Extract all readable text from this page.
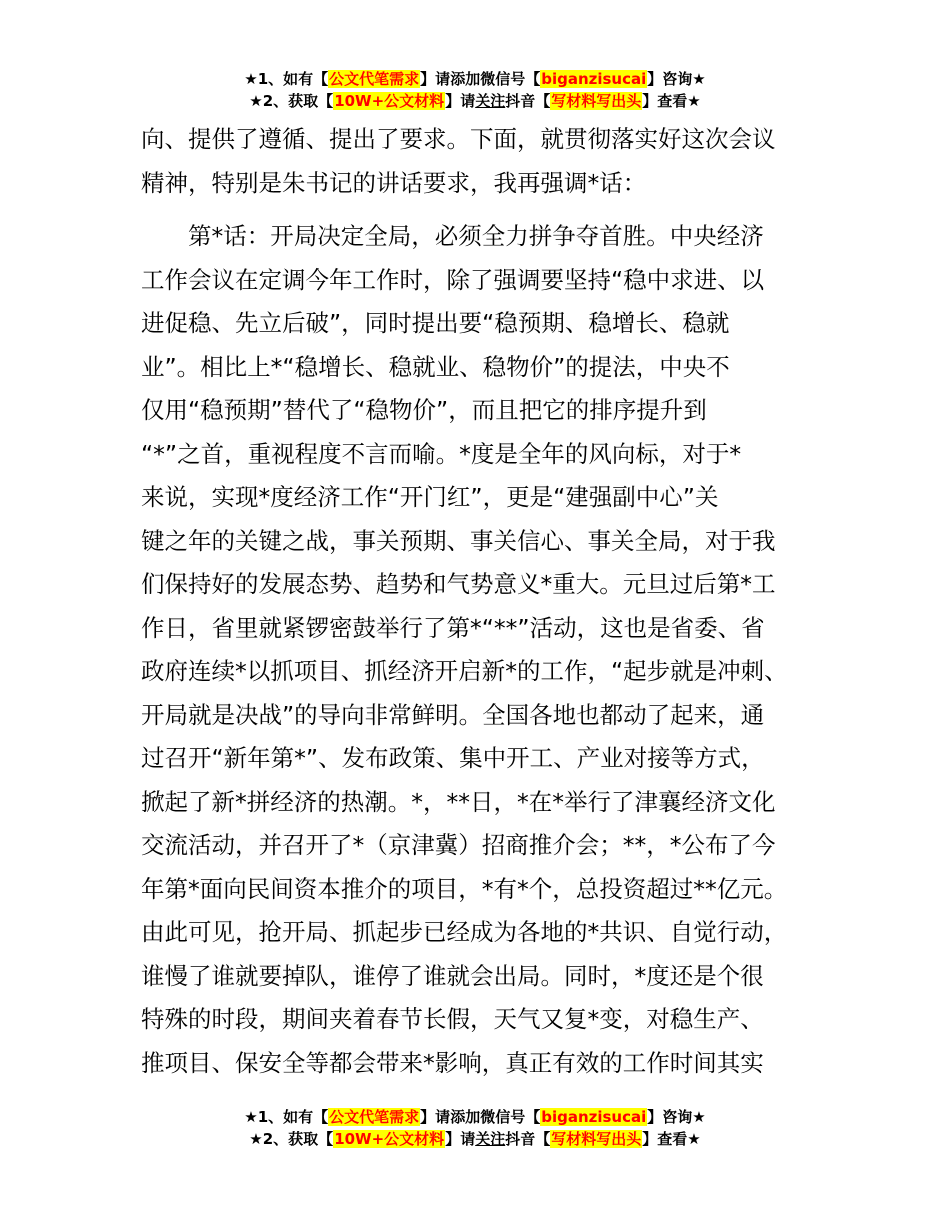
★1、如有【公文代笔需求】请添加微信号【biganzisucai】咨询★
★2、获取【10W+公文材料】请关注抖音【写材料写出头】查看★
向、提供了遵循、提出了要求。下面，就贯彻落实好这次会议
精神，特别是朱书记的讲话要求，我再强调*话：
　　第*话：开局决定全局，必须全力拼争夺首胜。中央经济
工作会议在定调今年工作时，除了强调要坚持“稳中求进、以
进促稳、先立后破”，同时提出要“稳预期、稳增长、稳就
业”。相比上*“稳增长、稳就业、稳物价”的提法，中央不
仅用“稳预期”替代了“稳物价”，而且把它的排序提升到
“*”之首，重视程度不言而喻。*度是全年的风向标，对于*
来说，实现*度经济工作“开门红”，更是“建强副中心”关
键之年的关键之战，事关预期、事关信心、事关全局，对于我
们保持好的发展态势、趋势和气势意义*重大。元旦过后第*工
作日，省里就紧锣密鼓举行了第*“**”活动，这也是省委、省
政府连续*以抓项目、抓经济开启新*的工作，“起步就是冲刺、
开局就是决战”的导向非常鲜明。全国各地也都动了起来，通
过召开“新年第*”、发布政策、集中开工、产业对接等方式，
掀起了新*拼经济的热潮。*，**日，*在*举行了津襄经济文化
交流活动，并召开了*（京津冀）招商推介会；**，*公布了今
年第*面向民间资本推介的项目，*有*个，总投资超过**亿元。
由此可见，抢开局、抓起步已经成为各地的*共识、自觉行动，
谁慢了谁就要掉队，谁停了谁就会出局。同时，*度还是个很
特殊的时段，期间夹着春节长假，天气又复*变，对稳生产、
推项目、保安全等都会带来*影响，真正有效的工作时间其实
★1、如有【公文代笔需求】请添加微信号【biganzisucai】咨询★
★2、获取【10W+公文材料】请关注抖音【写材料写出头】查看★
